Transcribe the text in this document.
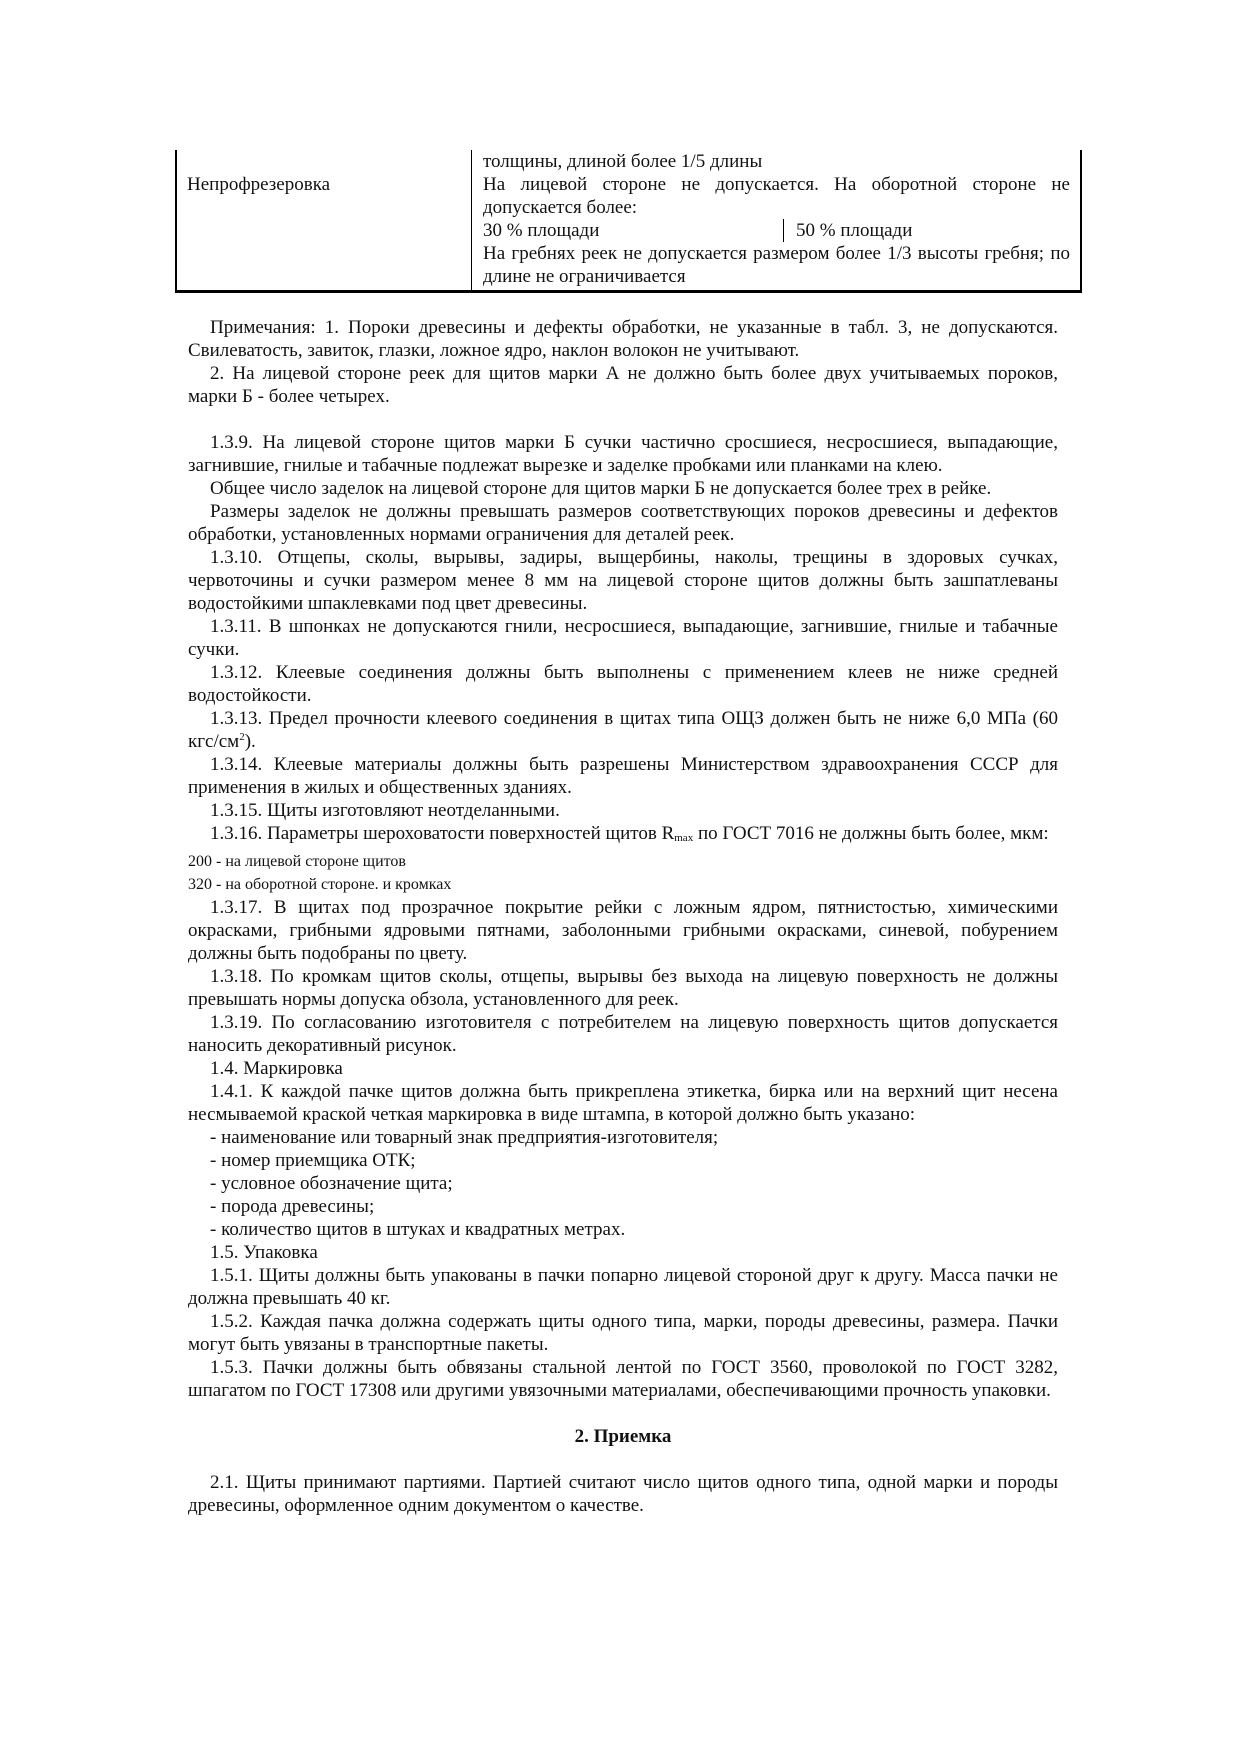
Непрофрезеровка

толщины, длиной более 1/5 длины

На лицевой стороне не допускается. На оборотной стороне не допускается более:

30 % площади	50 % площади

На гребнях реек не допускается размером более 1/3 высоты гребня; по длине не ограничивается

Примечания: 1. Пороки древесины и дефекты обработки, не указанные в табл. 3, не допускаются. Свилеватость, завиток, глазки, ложное ядро, наклон волокон не учитывают.

2. На лицевой стороне реек для щитов марки А не должно быть более двух учитываемых пороков, марки Б - более четырех.

1.3.9. На лицевой стороне щитов марки Б сучки частично сросшиеся, несросшиеся, выпадающие, загнившие, гнилые и табачные подлежат вырезке и заделке пробками или планками на клею.

Общее число заделок на лицевой стороне для щитов марки Б не допускается более трех в рейке.

Размеры заделок не должны превышать размеров соответствующих пороков древесины и дефектов обработки, установленных нормами ограничения для деталей реек.

1.3.10. Отщепы, сколы, вырывы, задиры, выщербины, наколы, трещины в здоровых сучках, червоточины и сучки размером менее 8 мм на лицевой стороне щитов должны быть зашпатлеваны водостойкими шпаклевками под цвет древесины.

1.3.11. В шпонках не допускаются гнили, несросшиеся, выпадающие, загнившие, гнилые и табачные сучки.

1.3.12. Клеевые соединения должны быть выполнены с применением клеев не ниже средней водостойкости.

1.3.13. Предел прочности клеевого соединения в щитах типа ОЩЗ должен быть не ниже 6,0 МПа (60 кгс/$см^2$).

1.3.14. Клеевые материалы должны быть разрешены Министерством здравоохранения СССР для применения в жилых и общественных зданиях.

1.3.15. Щиты изготовляют неотделанными.

1.3.16. Параметры шероховатости поверхностей щитов $R_{max}$ по ГОСТ 7016 не должны быть более, мкм:

200 - на лицевой стороне щитов

320 - на оборотной стороне. и кромках

1.3.17. В щитах под прозрачное покрытие рейки с ложным ядром, пятнистостью, химическими окрасками, грибными ядровыми пятнами, заболонными грибными окрасками, синевой, побурением должны быть подобраны по цвету.

1.3.18. По кромкам щитов сколы, отщепы, вырывы без выхода на лицевую поверхность не должны превышать нормы допуска обзола, установленного для реек.

1.3.19. По согласованию изготовителя с потребителем на лицевую поверхность щитов допускается наносить декоративный рисунок.

1.4. Маркировка

1.4.1. К каждой пачке щитов должна быть прикреплена этикетка, бирка или на верхний щит несена несмываемой краской четкая маркировка в виде штампа, в которой должно быть указано:

- наименование или товарный знак предприятия-изготовителя;

- номер приемщика ОТК;

- условное обозначение щита;

- порода древесины;

- количество щитов в штуках и квадратных метрах.

1.5. Упаковка

1.5.1. Щиты должны быть упакованы в пачки попарно лицевой стороной друг к другу. Масса пачки не должна превышать 40 кг.

1.5.2. Каждая пачка должна содержать щиты одного типа, марки, породы древесины, размера. Пачки могут быть увязаны в транспортные пакеты.

1.5.3. Пачки должны быть обвязаны стальной лентой по ГОСТ 3560, проволокой по ГОСТ 3282, шпагатом по ГОСТ 17308 или другими увязочными материалами, обеспечивающими прочность упаковки.

2. Приемка

2.1. Щиты принимают партиями. Партией считают число щитов одного типа, одной марки и породы древесины, оформленное одним документом о качестве.
